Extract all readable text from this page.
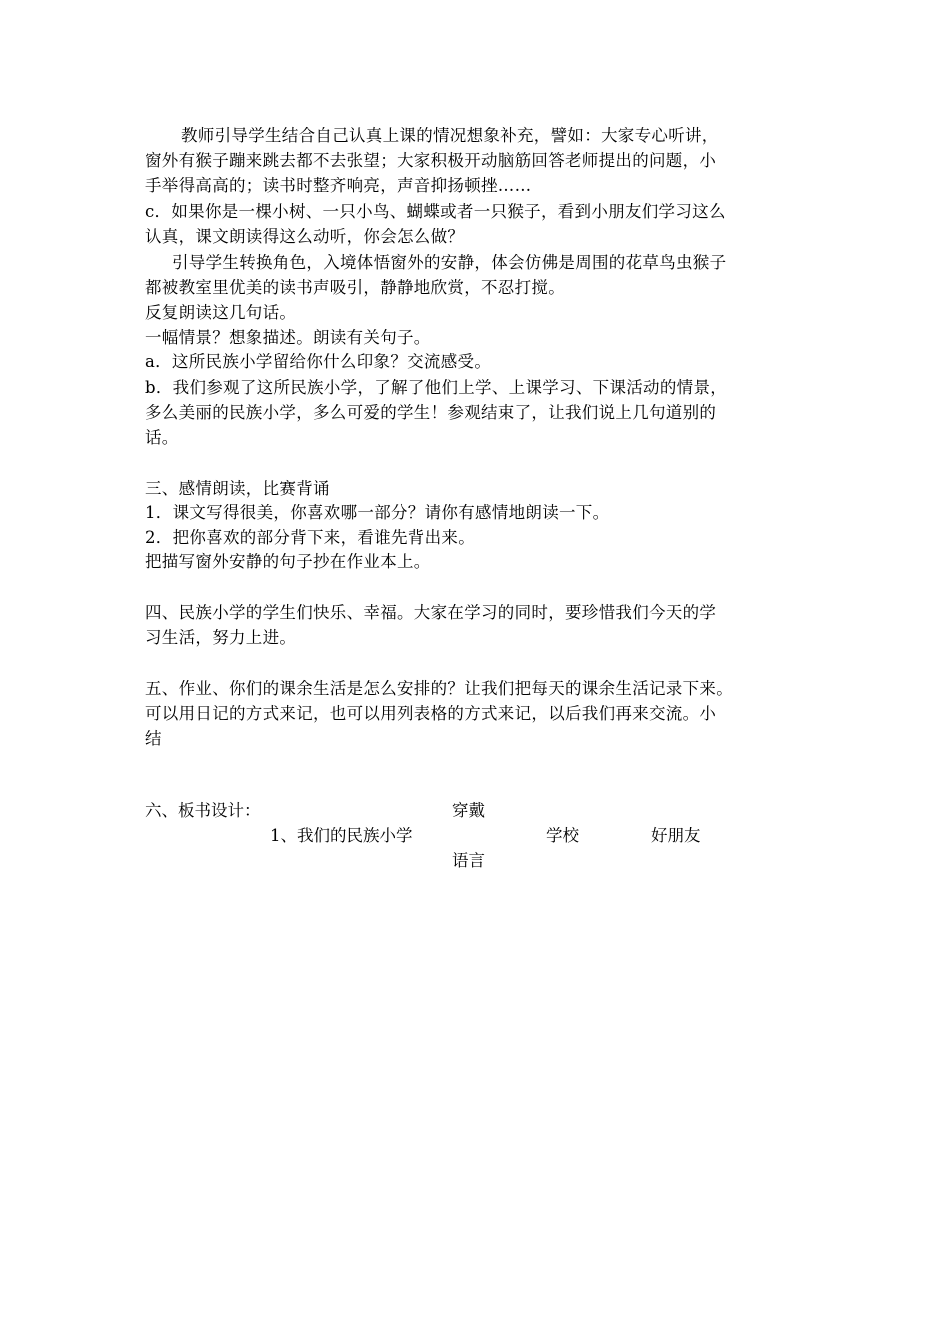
教师引导学生结合自己认真上课的情况想象补充，譬如：大家专心听讲，
窗外有猴子蹦来跳去都不去张望；大家积极开动脑筋回答老师提出的问题，小
手举得高高的；读书时整齐响亮，声音抑扬顿挫……
c．如果你是一棵小树、一只小鸟、蝴蝶或者一只猴子，看到小朋友们学习这么
认真，课文朗读得这么动听，你会怎么做？
引导学生转换角色，入境体悟窗外的安静，体会仿佛是周围的花草鸟虫猴子
都被教室里优美的读书声吸引，静静地欣赏，不忍打搅。
反复朗读这几句话。
一幅情景？想象描述。朗读有关句子。
a．这所民族小学留给你什么印象？交流感受。
b．我们参观了这所民族小学，了解了他们上学、上课学习、下课活动的情景，
多么美丽的民族小学，多么可爱的学生！参观结束了，让我们说上几句道别的
话。
三、感情朗读，比赛背诵
1．课文写得很美，你喜欢哪一部分？请你有感情地朗读一下。
2．把你喜欢的部分背下来，看谁先背出来。
把描写窗外安静的句子抄在作业本上。
四、民族小学的学生们快乐、幸福。大家在学习的同时，要珍惜我们今天的学
习生活，努力上进。
五、作业、你们的课余生活是怎么安排的？让我们把每天的课余生活记录下来。
可以用日记的方式来记，也可以用列表格的方式来记，以后我们再来交流。小
结
六、板书设计：	穿戴
1、我们的民族小学	学校	好朋友
语言
